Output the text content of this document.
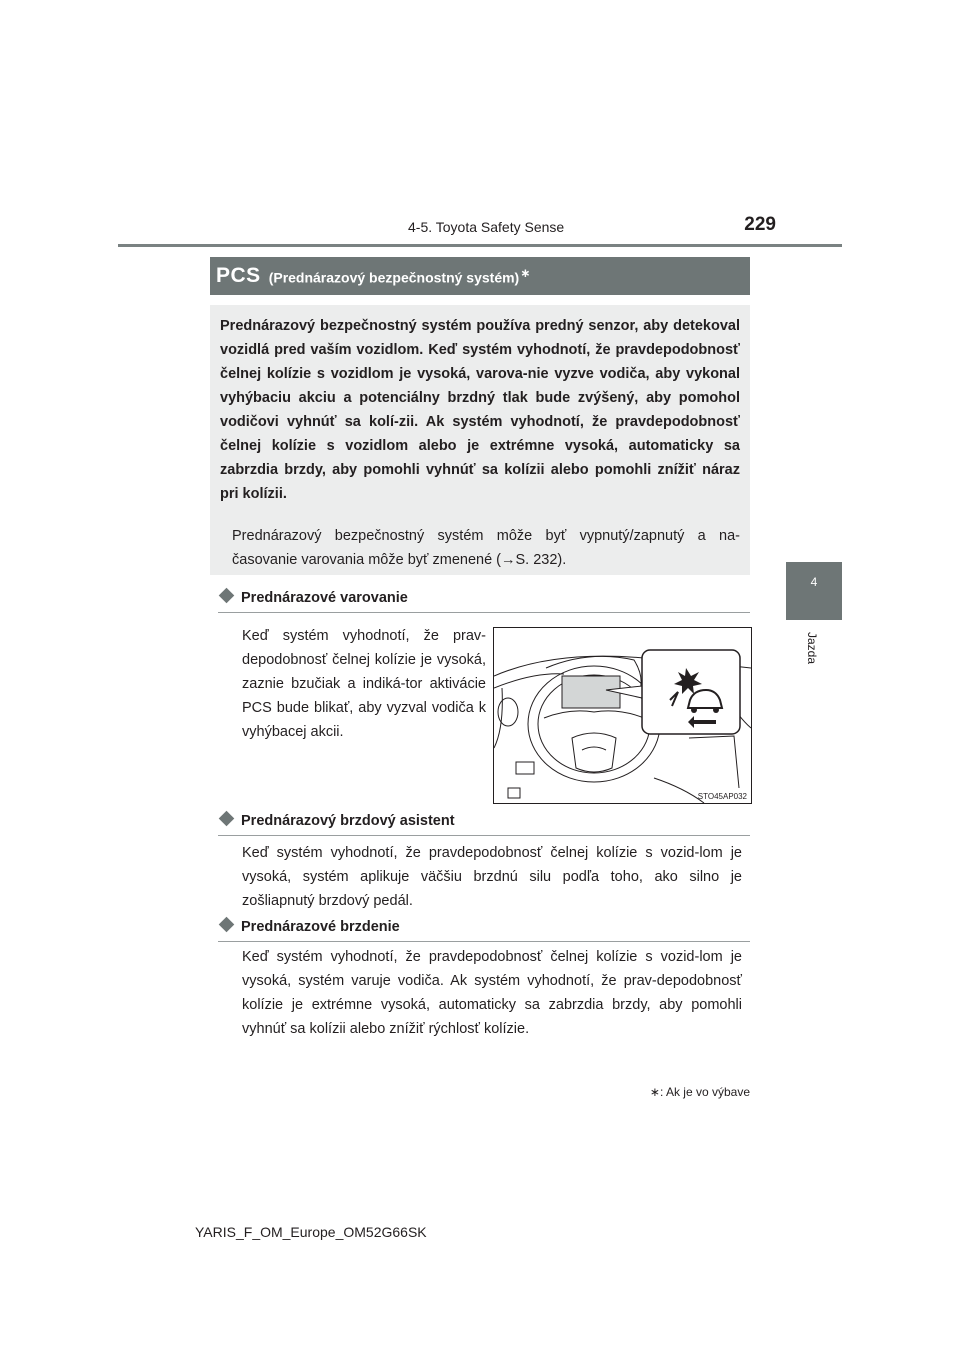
4-5. Toyota Safety Sense	229
4
Jazda
PCS (Prednárazový bezpečnostný systém)∗
Prednárazový bezpečnostný systém používa predný senzor, aby detekoval vozidlá pred vaším vozidlom. Keď systém vyhodnotí, že pravdepodobnosť čelnej kolízie s vozidlom je vysoká, varova-nie vyzve vodiča, aby vykonal vyhýbaciu akciu a potenciálny brzdný tlak bude zvýšený, aby pomohol vodičovi vyhnúť sa kolí-zii. Ak systém vyhodnotí, že pravdepodobnosť čelnej kolízie s vozidlom alebo je extrémne vysoká, automaticky sa zabrzdia brzdy, aby pomohli vyhnúť sa kolízii alebo pomohli znížiť náraz pri kolízii.
Prednárazový bezpečnostný systém môže byť vypnutý/zapnutý a na-časovanie varovania môže byť zmenené (→S. 232).
Prednárazové varovanie
Keď systém vyhodnotí, že prav-depodobnosť čelnej kolízie je vysoká, zaznie bzučiak a indiká-tor aktivácie PCS bude blikať, aby vyzval vodiča k vyhýbacej akcii.
STO45AP032
Prednárazový brzdový asistent
Keď systém vyhodnotí, že pravdepodobnosť čelnej kolízie s vozid-lom je vysoká, systém aplikuje väčšiu brzdnú silu podľa toho, ako silno je zošliapnutý brzdový pedál.
Prednárazové brzdenie
Keď systém vyhodnotí, že pravdepodobnosť čelnej kolízie s vozid-lom je vysoká, systém varuje vodiča. Ak systém vyhodnotí, že prav-depodobnosť kolízie je extrémne vysoká, automaticky sa zabrzdia brzdy, aby pomohli vyhnúť sa kolízii alebo znížiť rýchlosť kolízie.
∗: Ak je vo výbave
YARIS_F_OM_Europe_OM52G66SK
